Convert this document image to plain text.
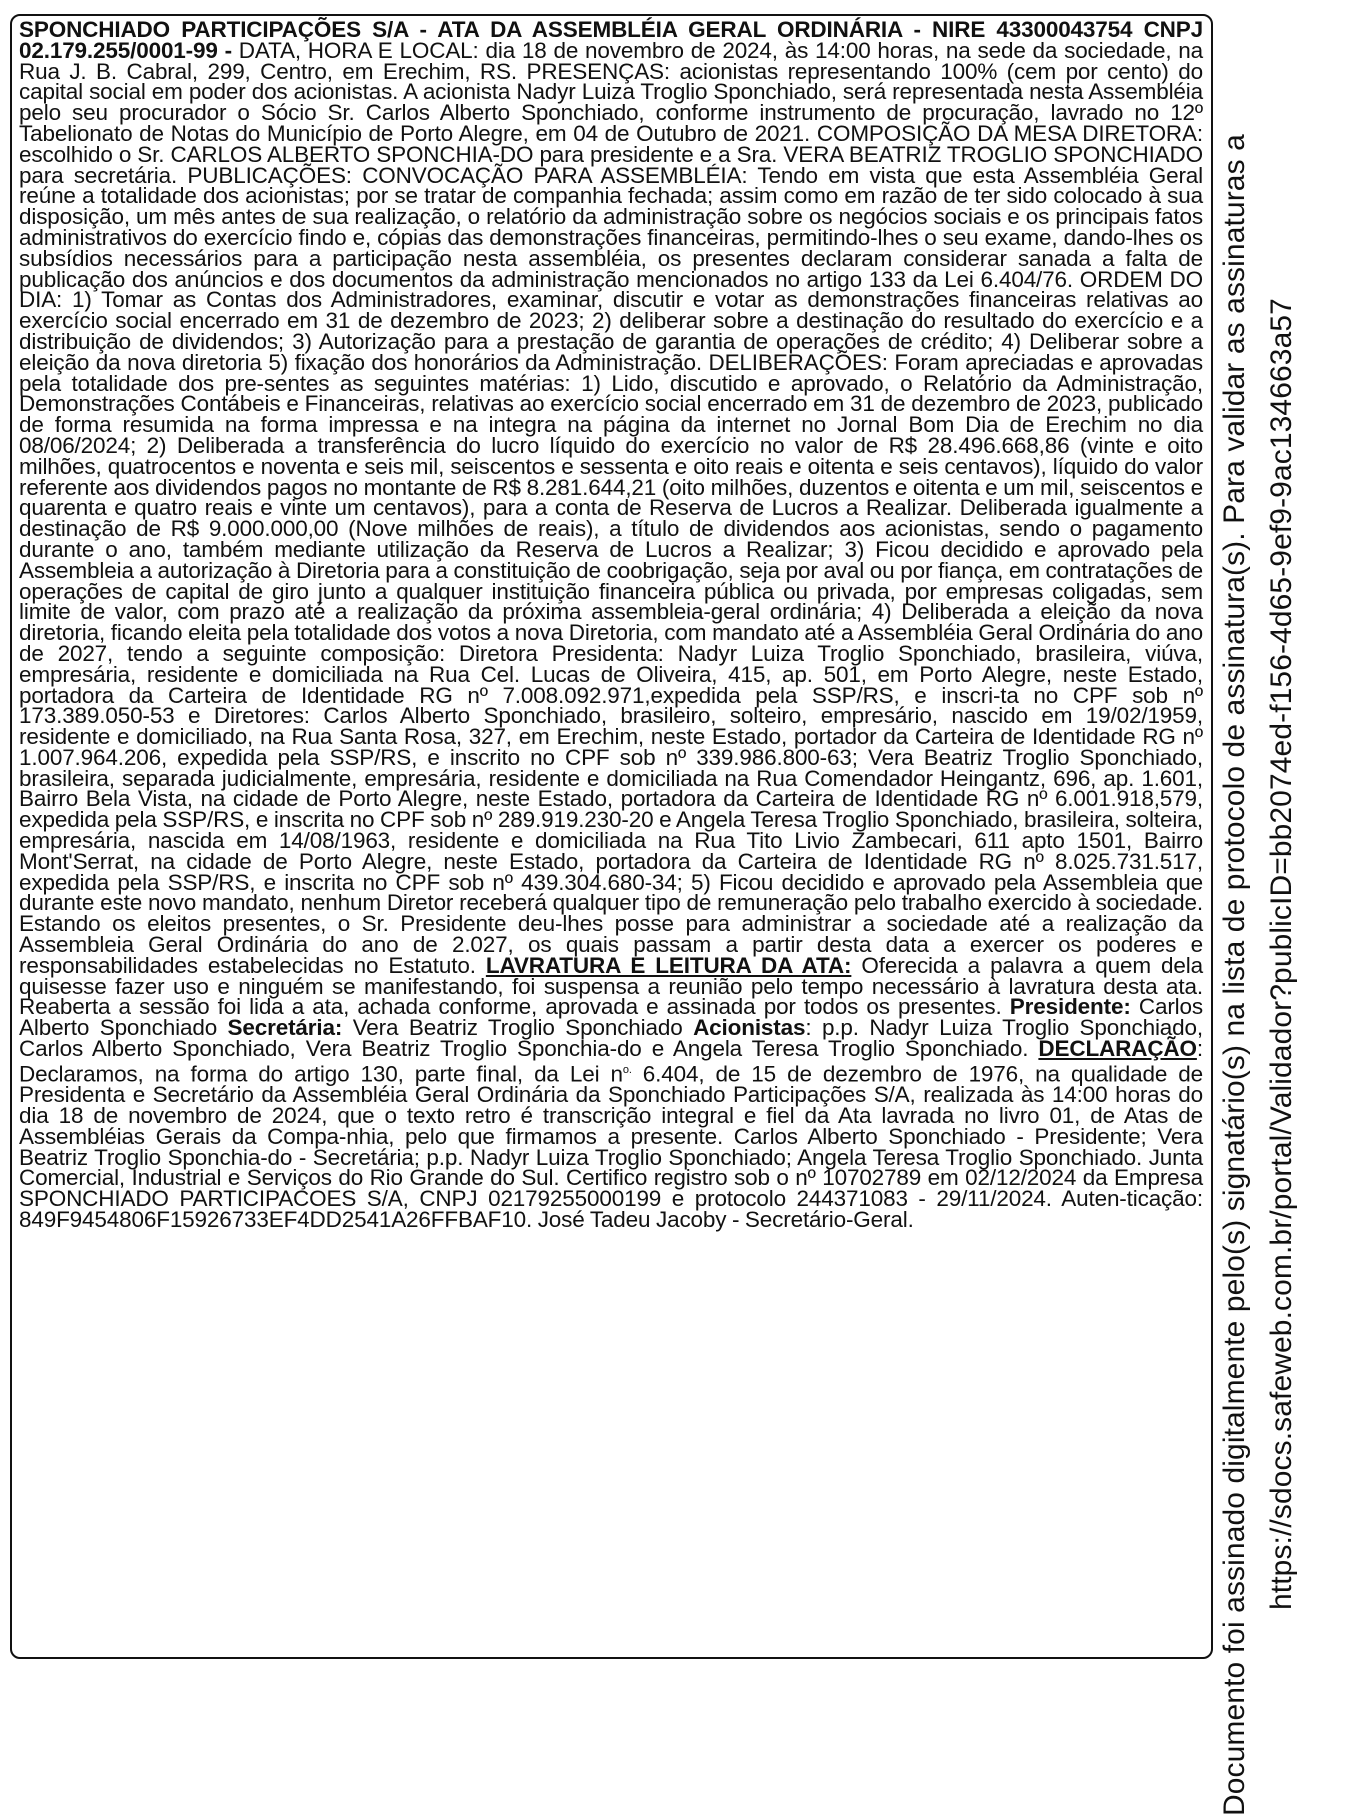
SPONCHIADO PARTICIPAÇÕES S/A - ATA DA ASSEMBLÉIA GERAL ORDINÁRIA - NIRE 43300043754 CNPJ 02.179.255/0001-99 - DATA, HORA E LOCAL: dia 18 de novembro de 2024, às 14:00 horas, na sede da sociedade, na Rua J. B. Cabral, 299, Centro, em Erechim, RS. PRESENÇAS: acionistas representando 100% (cem por cento) do capital social em poder dos acionistas. A acionista Nadyr Luiza Troglio Sponchiado, será representada nesta Assembléia pelo seu procurador o Sócio Sr. Carlos Alberto Sponchiado, conforme instrumento de procuração, lavrado no 12º Tabelionato de Notas do Município de Porto Alegre, em 04 de Outubro de 2021. COMPOSIÇÃO DA MESA DIRETORA: escolhido o Sr. CARLOS ALBERTO SPONCHIA-DO para presidente e a Sra. VERA BEATRIZ TROGLIO SPONCHIADO para secretária. PUBLICAÇÕES: CONVOCAÇÃO PARA ASSEMBLÉIA: Tendo em vista que esta Assembléia Geral reúne a totalidade dos acionistas; por se tratar de companhia fechada; assim como em razão de ter sido colocado à sua disposição, um mês antes de sua realização, o relatório da administração sobre os negócios sociais e os principais fatos administrativos do exercício findo e, cópias das demonstrações financeiras, permitindo-lhes o seu exame, dando-lhes os subsídios necessários para a participação nesta assembléia, os presentes declaram considerar sanada a falta de publicação dos anúncios e dos documentos da administração mencionados no artigo 133 da Lei 6.404/76. ORDEM DO DIA: 1) Tomar as Contas dos Administradores, examinar, discutir e votar as demonstrações financeiras relativas ao exercício social encerrado em 31 de dezembro de 2023; 2) deliberar sobre a destinação do resultado do exercício e a distribuição de dividendos; 3) Autorização para a prestação de garantia de operações de crédito; 4) Deliberar sobre a eleição da nova diretoria 5) fixação dos honorários da Administração. DELIBERAÇÕES: Foram apreciadas e aprovadas pela totalidade dos pre-sentes as seguintes matérias: 1) Lido, discutido e aprovado, o Relatório da Administração, Demonstrações Contábeis e Financeiras, relativas ao exercício social encerrado em 31 de dezembro de 2023, publicado de forma resumida na forma impressa e na integra na página da internet no Jornal Bom Dia de Erechim no dia 08/06/2024; 2) Deliberada a transferência do lucro líquido do exercício no valor de R$ 28.496.668,86 (vinte e oito milhões, quatrocentos e noventa e seis mil, seiscentos e sessenta e oito reais e oitenta e seis centavos), líquido do valor referente aos dividendos pagos no montante de R$ 8.281.644,21 (oito milhões, duzentos e oitenta e um mil, seiscentos e quarenta e quatro reais e vinte um centavos), para a conta de Reserva de Lucros a Realizar. Deliberada igualmente a destinação de R$ 9.000.000,00 (Nove milhões de reais), a título de dividendos aos acionistas, sendo o pagamento durante o ano, também mediante utilização da Reserva de Lucros a Realizar; 3) Ficou decidido e aprovado pela Assembleia a autorização à Diretoria para a constituição de coobrigação, seja por aval ou por fiança, em contratações de operações de capital de giro junto a qualquer instituição financeira pública ou privada, por empresas coligadas, sem limite de valor, com prazo até a realização da próxima assembleia-geral ordinária; 4) Deliberada a eleição da nova diretoria, ficando eleita pela totalidade dos votos a nova Diretoria, com mandato até a Assembléia Geral Ordinária do ano de 2027, tendo a seguinte composição: Diretora Presidenta: Nadyr Luiza Troglio Sponchiado, brasileira, viúva, empresária, residente e domiciliada na Rua Cel. Lucas de Oliveira, 415, ap. 501, em Porto Alegre, neste Estado, portadora da Carteira de Identidade RG nº 7.008.092.971,expedida pela SSP/RS, e inscri-ta no CPF sob nº 173.389.050-53 e Diretores: Carlos Alberto Sponchiado, brasileiro, solteiro, empresário, nascido em 19/02/1959, residente e domiciliado, na Rua Santa Rosa, 327, em Erechim, neste Estado, portador da Carteira de Identidade RG nº 1.007.964.206, expedida pela SSP/RS, e inscrito no CPF sob nº 339.986.800-63; Vera Beatriz Troglio Sponchiado, brasileira, separada judicialmente, empresária, residente e domiciliada na Rua Comendador Heingantz, 696, ap. 1.601, Bairro Bela Vista, na cidade de Porto Alegre, neste Estado, portadora da Carteira de Identidade RG nº 6.001.918,579, expedida pela SSP/RS, e inscrita no CPF sob nº 289.919.230-20 e Angela Teresa Troglio Sponchiado, brasileira, solteira, empresária, nascida em 14/08/1963, residente e domiciliada na Rua Tito Livio Zambecari, 611 apto 1501, Bairro Mont'Serrat, na cidade de Porto Alegre, neste Estado, portadora da Carteira de Identidade RG nº 8.025.731.517, expedida pela SSP/RS, e inscrita no CPF sob nº 439.304.680-34; 5) Ficou decidido e aprovado pela Assembleia que durante este novo mandato, nenhum Diretor receberá qualquer tipo de remuneração pelo trabalho exercido à sociedade. Estando os eleitos presentes, o Sr. Presidente deu-lhes posse para administrar a sociedade até a realização da Assembleia Geral Ordinária do ano de 2.027, os quais passam a partir desta data a exercer os poderes e responsabilidades estabelecidas no Estatuto. LAVRATURA E LEITURA DA ATA: Oferecida a palavra a quem dela quisesse fazer uso e ninguém se manifestando, foi suspensa a reunião pelo tempo necessário à lavratura desta ata. Reaberta a sessão foi lida a ata, achada conforme, aprovada e assinada por todos os presentes. Presidente: Carlos Alberto Sponchiado Secretária: Vera Beatriz Troglio Sponchiado Acionistas: p.p. Nadyr Luiza Troglio Sponchiado, Carlos Alberto Sponchiado, Vera Beatriz Troglio Sponchia-do e Angela Teresa Troglio Sponchiado. DECLARAÇÃO: Declaramos, na forma do artigo 130, parte final, da Lei $n^{o.}$ 6.404, de 15 de dezembro de 1976, na qualidade de Presidenta e Secretário da Assembléia Geral Ordinária da Sponchiado Participações S/A, realizada às 14:00 horas do dia 18 de novembro de 2024, que o texto retro é transcrição integral e fiel da Ata lavrada no livro 01, de Atas de Assembléias Gerais da Compa-nhia, pelo que firmamos a presente. Carlos Alberto Sponchiado - Presidente; Vera Beatriz Troglio Sponchia-do - Secretária; p.p. Nadyr Luiza Troglio Sponchiado; Angela Teresa Troglio Sponchiado. Junta Comercial, Industrial e Serviços do Rio Grande do Sul. Certifico registro sob o nº 10702789 em 02/12/2024 da Empresa SPONCHIADO PARTICIPACOES S/A, CNPJ 02179255000199 e protocolo 244371083 - 29/11/2024. Auten-ticação: 849F9454806F15926733EF4DD2541A26FFBAF10. José Tadeu Jacoby - Secretário-Geral.	Documento foi assinado digitalmente pelo(s) signatário(s) na lista de protocolo de assinatura(s). Para validar as assinaturas a https://sdocs.safeweb.com.br/portal/Validador?publicID=bb2074ed-f156-4d65-9ef9-9ac134663a57
